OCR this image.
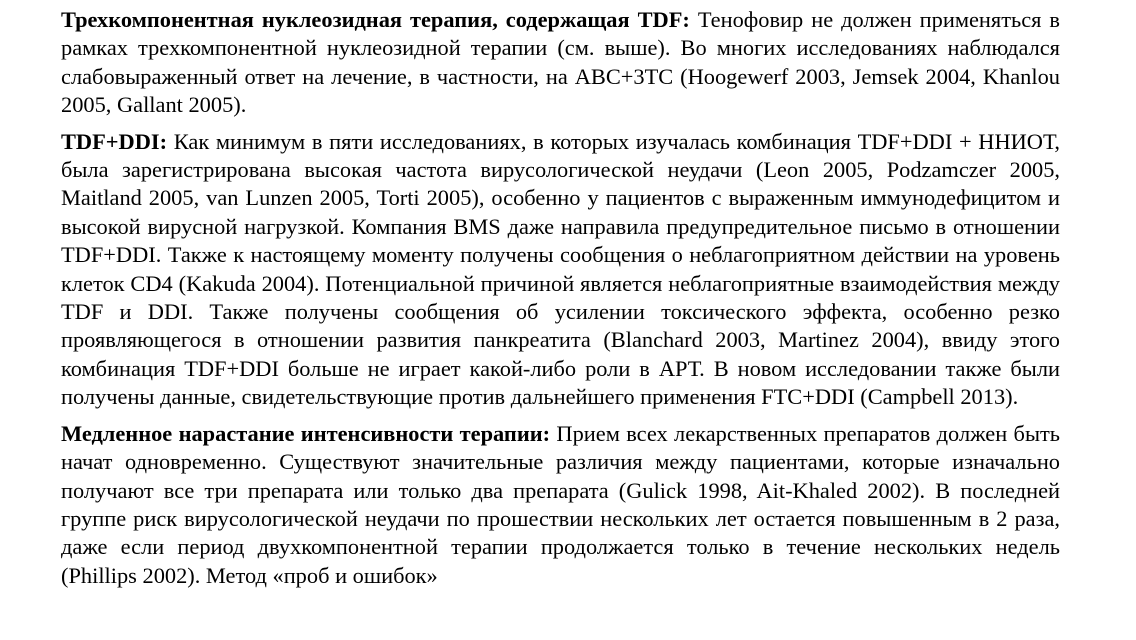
Трехкомпонентная нуклеозидная терапия, содержащая TDF: Тенофовир не должен применяться в рамках трехкомпонентной нуклеозидной терапии (см. выше). Во многих исследованиях наблюдался слабовыраженный ответ на лечение, в частности, на ABC+3TC (Hoogewerf 2003, Jemsek 2004, Khanlou 2005, Gallant 2005).

TDF+DDI: Как минимум в пяти исследованиях, в которых изучалась комбинация TDF+DDI + ННИОТ, была зарегистрирована высокая частота вирусологической неудачи (Leon 2005, Podzamczer 2005, Maitland 2005, van Lunzen 2005, Torti 2005), особенно у пациентов с выраженным иммунодефицитом и высокой вирусной нагрузкой. Компания BMS даже направила предупредительное письмо в отношении TDF+DDI. Также к настоящему моменту получены сообщения о неблагоприятном действии на уровень клеток CD4 (Kakuda 2004). Потенциальной причиной является неблагоприятные взаимодействия между TDF и DDI. Также получены сообщения об усилении токсического эффекта, особенно резко проявляющегося в отношении развития панкреатита (Blanchard 2003, Martinez 2004), ввиду этого комбинация TDF+DDI больше не играет какой-либо роли в АРТ. В новом исследовании также были получены данные, свидетельствующие против дальнейшего применения FTC+DDI (Campbell 2013).

Медленное нарастание интенсивности терапии: Прием всех лекарственных препаратов должен быть начат одновременно. Существуют значительные различия между пациентами, которые изначально получают все три препарата или только два препарата (Gulick 1998, Ait-Khaled 2002). В последней группе риск вирусологической неудачи по прошествии нескольких лет остается повышенным в 2 раза, даже если период двухкомпонентной терапии продолжается только в течение нескольких недель (Phillips 2002). Метод «проб и ошибок»
